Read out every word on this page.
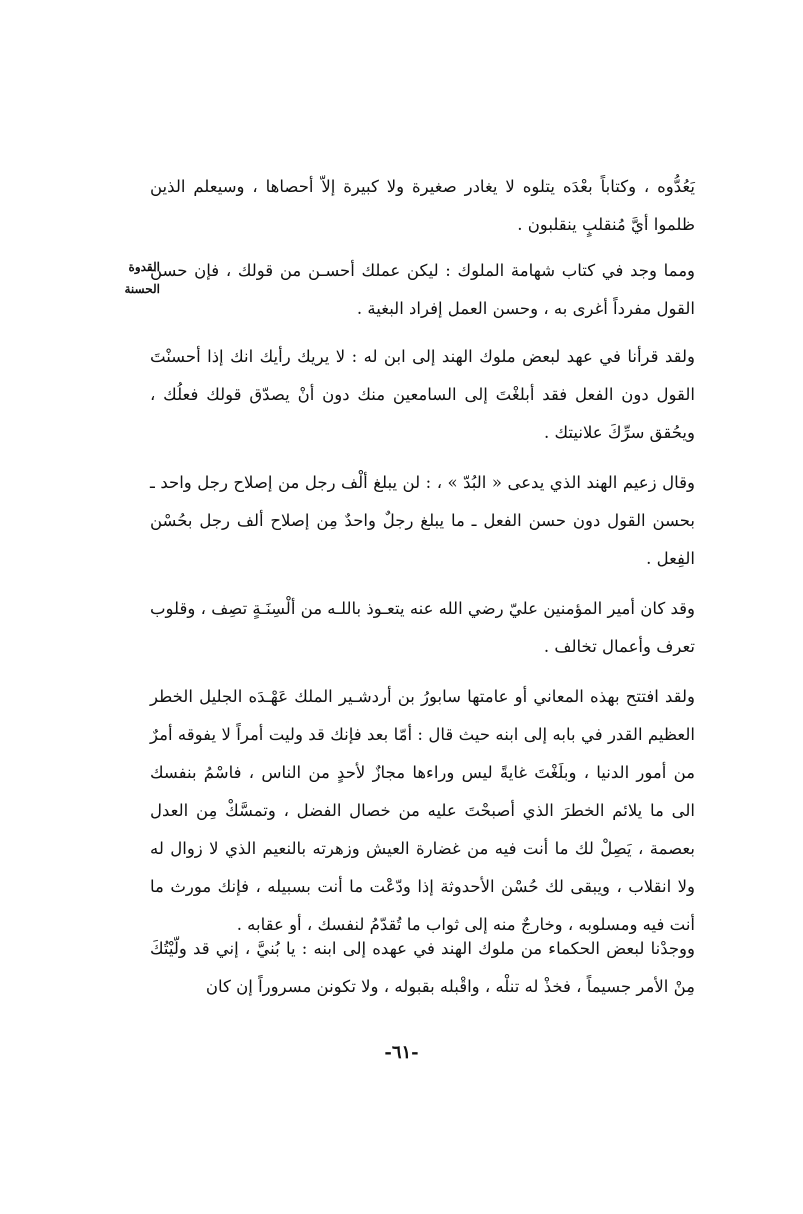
يَعُدُّوه ، وكتاباً بعْدَه يتلوه لا يغادر صغيرة ولا كبيرة إلاّ أحصاها ، وسيعلم الذين ظلموا أيَّ مُنقلبٍ ينقلبون .

القدوة الحسنة

ومما وجد في كتاب شهامة الملوك : ليكن عملك أحسـن من قولك ، فإن حسن القول مفرداً أغرى به ، وحسن العمل إفراد البغية .

ولقد قرأنا في عهد لبعض ملوك الهند إلى ابن له : لا يريك رأيك انك إذا أحسنْتَ القول دون الفعل فقد أبلغْتَ إلى السامعين منك دون أنْ يصدّق قولك فعلُك ، ويحُقق سرِّكَ علانيتك .

وقال زعيم الهند الذي يدعى « البُدّ » ، : لن يبلغ ألْف رجل من إصلاح رجل واحد ـ بحسن القول دون حسن الفعل ـ ما يبلغ رجلٌ واحدٌ مِن إصلاح ألف رجل بحُسْن الفِعل .

وقد كان أمير المؤمنين عليّ رضي الله عنه يتعـوذ باللـه من ألْسِنَـةٍ تصِف ، وقلوب تعرف وأعمال تخالف .

ولقد افتتح بهذه المعاني أو عامتها سابورُ بن أردشـير الملك عَهْـدَه الجليل الخطر العظيم القدر في بابه إلى ابنه حيث قال : أمّا بعد فإنك قد وليت أمراً لا يفوقه أمرٌ من أمور الدنيا ، وبلَغْتَ غايةً ليس وراءها مجازٌ لأحدٍ من الناس ، فاسْمُ بنفسك الى ما يلائم الخطرَ الذي أصبحْتَ عليه من خصال الفضل ، وتمسَّكْ مِن العدل بعصمة ، يَصِلْ لك ما أنت فيه من غضارة العيش وزهرته بالنعيم الذي لا زوال له ولا انقلاب ، ويبقى لك حُسْن الأحدوثة إذا ودّعْت ما أنت بسبيله ، فإنك مورث ما أنت فيه ومسلوبه ، وخارجٌ منه إلى ثواب ما تُقدّمُ لنفسك ، أو عقابه .

ووجدْنا لبعض الحكماء من ملوك الهند في عهده إلى ابنه : يا بُنيَّ ، إني قد ولّيْتُكَ مِنْ الأمر جسيماً ، فخذْ له تنلْه ، واقْبله بقبوله ، ولا تكونن مسروراً إن كان

-٦١-
